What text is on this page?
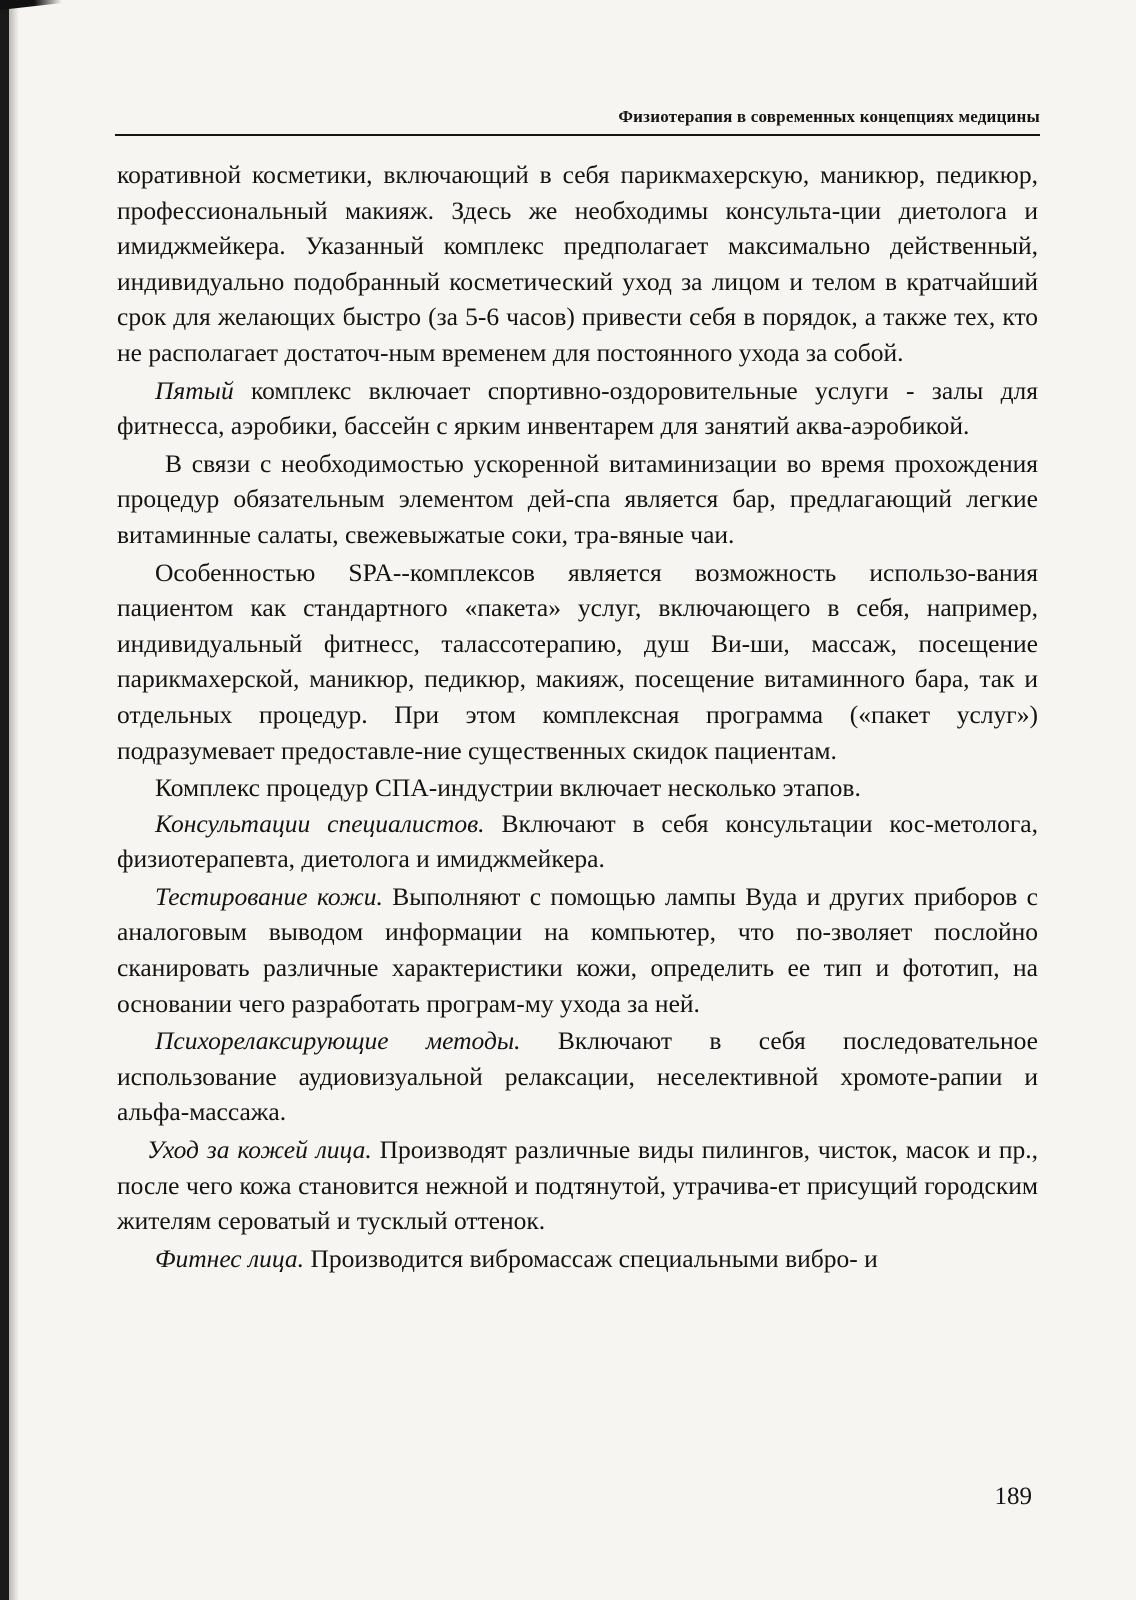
Физиотерапия в современных концепциях медицины

коративной косметики, включающий в себя парикмахерскую, маникюр, педикюр, профессиональный макияж. Здесь же необходимы консульта-ции диетолога и имиджмейкера. Указанный комплекс предполагает максимально действенный, индивидуально подобранный косметический уход за лицом и телом в кратчайший срок для желающих быстро (за 5-6 часов) привести себя в порядок, а также тех, кто не располагает достаточ-ным временем для постоянного ухода за собой.

Пятый комплекс включает спортивно-оздоровительные услуги - залы для фитнесса, аэробики, бассейн с ярким инвентарем для занятий аква-аэробикой.

В связи с необходимостью ускоренной витаминизации во время прохождения процедур обязательным элементом дей-спа является бар, предлагающий легкие витаминные салаты, свежевыжатые соки, тра-вяные чаи.

Особенностью SPA--комплексов является возможность использо-вания пациентом как стандартного «пакета» услуг, включающего в себя, например, индивидуальный фитнесс, талассотерапию, душ Ви-ши, массаж, посещение парикмахерской, маникюр, педикюр, макияж, посещение витаминного бара, так и отдельных процедур. При этом комплексная программа («пакет услуг») подразумевает предоставле-ние существенных скидок пациентам.

Комплекс процедур СПА-индустрии включает несколько этапов.

Консультации специалистов. Включают в себя консультации кос-метолога, физиотерапевта, диетолога и имиджмейкера.

Тестирование кожи. Выполняют с помощью лампы Вуда и других приборов с аналоговым выводом информации на компьютер, что по-зволяет послойно сканировать различные характеристики кожи, определить ее тип и фототип, на основании чего разработать програм-му ухода за ней.

Психорелаксирующие методы. Включают в себя последовательное использование аудиовизуальной релаксации, неселективной хромоте-рапии и альфа-массажа.

Уход за кожей лица. Производят различные виды пилингов, чисток, масок и пр., после чего кожа становится нежной и подтянутой, утрачива-ет присущий городским жителям сероватый и тусклый оттенок.

Фитнес лица. Производится вибромассаж специальными вибро- и

189
